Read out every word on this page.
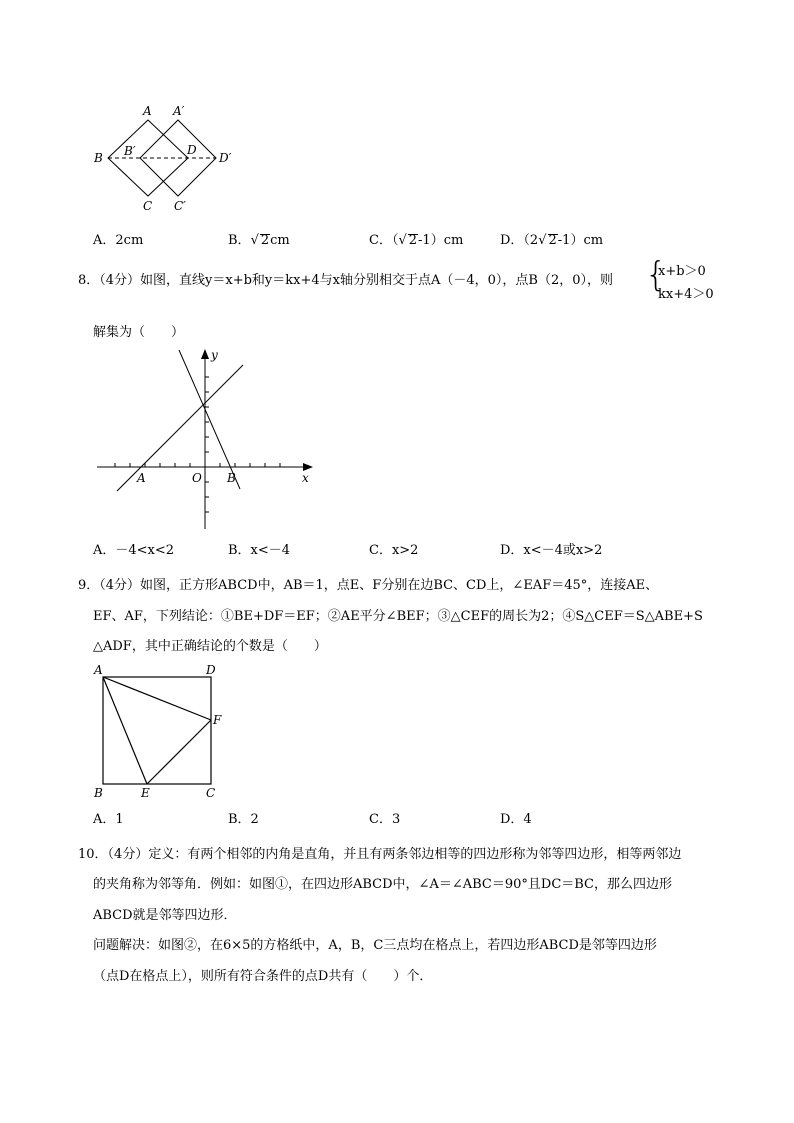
A A′
B B′	D
D′
C C′
A．2cm	B．√ 2cm	C．（√ 2-1）cm	D．（2√ 2-1）cm
8．（4分）如图，直线y＝x+b和y＝kx+4与x轴分别相交于点A（－4，0），点B（2，0），则 {
x+b＞0
kx+4＞0
解集为（　　）
y
x
O
A	B
A．－4<x<2	B．x<－4	C．x>2	D．x<－4或x>2
9．（4分）如图，正方形ABCD中，AB＝1，点E、F分别在边BC、CD上，∠EAF＝45°，连接AE、
EF、AF，下列结论：①BE+DF＝EF；②AE平分∠BEF；③△CEF的周长为2；④S△CEF＝S△ABE+S
△ADF，其中正确结论的个数是（　　）
A	D
F
B	E	C
A．1	B．2	C．3	D．4
10．（4分）定义：有两个相邻的内角是直角，并且有两条邻边相等的四边形称为邻等四边形，相等两邻边
的夹角称为邻等角．例如：如图①，在四边形ABCD中，∠A＝∠ABC＝90°且DC＝BC，那么四边形
ABCD就是邻等四边形．
问题解决：如图②，在6×5的方格纸中，A，B，C三点均在格点上，若四边形ABCD是邻等四边形
（点D在格点上），则所有符合条件的点D共有（　　）个．
